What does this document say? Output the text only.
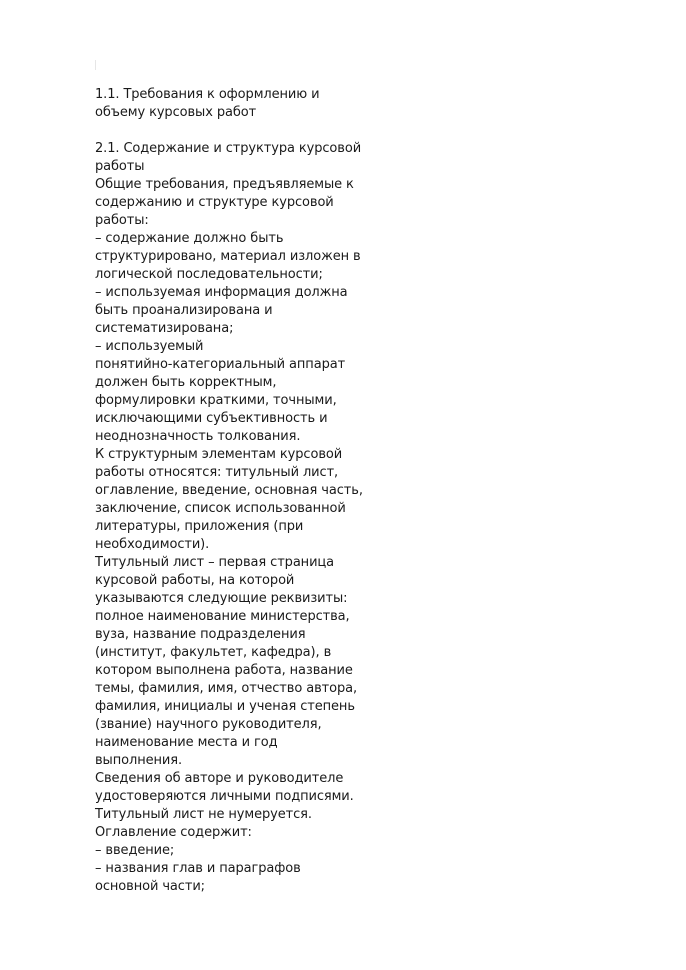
1.1. Требования к оформлению и
объему курсовых работ
2.1. Содержание и структура курсовой
работы
Общие требования, предъявляемые к
содержанию и структуре курсовой
работы:
– содержание должно быть
структурировано, материал изложен в
логической последовательности;
– используемая информация должна
быть проанализирована и
систематизирована;
– используемый
понятийно-категориальный аппарат
должен быть корректным,
формулировки краткими, точными,
исключающими субъективность и
неоднозначность толкования.
К структурным элементам курсовой
работы относятся: титульный лист,
оглавление, введение, основная часть,
заключение, список использованной
литературы, приложения (при
необходимости).
Титульный лист – первая страница
курсовой работы, на которой
указываются следующие реквизиты:
полное наименование министерства,
вуза, название подразделения
(институт, факультет, кафедра), в
котором выполнена работа, название
темы, фамилия, имя, отчество автора,
фамилия, инициалы и ученая степень
(звание) научного руководителя,
наименование места и год
выполнения.
Сведения об авторе и руководителе
удостоверяются личными подписями.
Титульный лист не нумеруется.
Оглавление содержит:
– введение;
– названия глав и параграфов
основной части;
